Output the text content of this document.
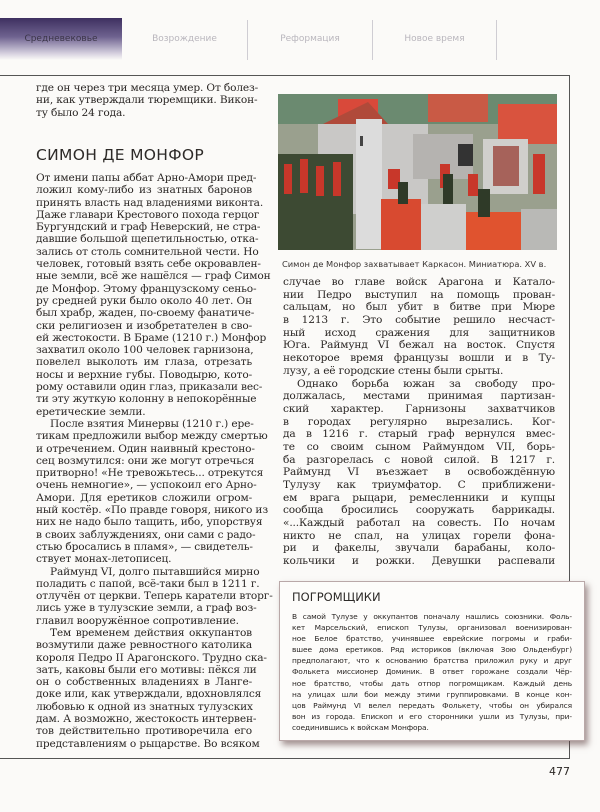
Средневековье	Возрождение	Реформация	Новое время
где он через три месяца умер. От болез-
ни, как утверждали тюремщики. Викон-
ту было 24 года.
СИМОН ДЕ МОНФОР
От имени папы аббат Арно-Амори пред-
ложил кому-либо из знатных баронов
принять власть над владениями виконта.
Даже главари Крестового похода герцог
Бургундский и граф Неверский, не стра-
давшие большой щепетильностью, отка-
зались от столь сомнительной чести. Но
человек, готовый взять себе окровавлен-
ные земли, всё же нашёлся — граф Симон
де Монфор. Этому французскому сеньо-
ру средней руки было около 40 лет. Он
был храбр, жаден, по-своему фанатиче-
ски религиозен и изобретателен в сво-
ей жестокости. В Браме (1210 г.) Монфор
захватил около 100 человек гарнизона,
повелел выколоть им глаза, отрезать
носы и верхние губы. Поводырю, кото-
рому оставили один глаз, приказали вес-
ти эту жуткую колонну в непокорённые
еретические земли.
После взятия Минервы (1210 г.) ере-
тикам предложили выбор между смертью
и отречением. Один наивный крестоно-
сец возмутился: они же могут отречься
притворно! «Не тревожьтесь... отрекутся
очень немногие», — успокоил его Арно-
Амори. Для еретиков сложили огром-
ный костёр. «По правде говоря, никого из
них не надо было тащить, ибо, упорствуя
в своих заблуждениях, они сами с радо-
стью бросались в пламя», — свидетель-
ствует монах-летописец.
Раймунд VI, долго пытавшийся мирно
поладить с папой, всё-таки был в 1211 г.
отлучён от церкви. Теперь каратели вторг-
лись уже в тулузские земли, а граф воз-
главил вооружённое сопротивление.
Тем временем действия оккупантов
возмутили даже ревностного католика
короля Педро II Арагонского. Трудно ска-
зать, каковы были его мотивы: пёкся ли
он о собственных владениях в Ланге-
доке или, как утверждали, вдохновлялся
любовью к одной из знатных тулузских
дам. А возможно, жестокость интервен-
тов действительно противоречила его
представлениям о рыцарстве. Во всяком
Симон де Монфор захватывает Каркасон. Миниатюра. XV в.
случае во главе войск Арагона и Катало-
нии Педро выступил на помощь прован-
сальцам, но был убит в битве при Мюре
в 1213 г. Это событие решило несчаст-
ный исход сражения для защитников
Юга. Раймунд VI бежал на восток. Спустя
некоторое время французы вошли и в Ту-
лузу, а её городские стены были срыты.
Однако борьба южан за свободу про-
должалась, местами принимая партизан-
ский характер. Гарнизоны захватчиков
в городах регулярно вырезались. Ког-
да в 1216 г. старый граф вернулся вмес-
те со своим сыном Раймундом VII, борь-
ба разгорелась с новой силой. В 1217 г.
Раймунд VI въезжает в освобождённую
Тулузу как триумфатор. С приближени-
ем врага рыцари, ремесленники и купцы
сообща бросились сооружать баррикады.
«...Каждый работал на совесть. По ночам
никто не спал, на улицах горели фона-
ри и факелы, звучали барабаны, коло-
кольчики и рожки. Девушки распевали
ПОГРОМЩИКИ
В самой Тулузе у оккупантов поначалу нашлись союзники. Фоль-
кет Марсельский, епископ Тулузы, организовал военизирован-
ное Белое братство, учинявшее еврейские погромы и граби-
вшее дома еретиков. Ряд историков (включая Зою Ольденбург)
предполагают, что к основанию братства приложил руку и друг
Фолькета миссионер Доминик. В ответ горожане создали Чёр-
ное братство, чтобы дать отпор погромщикам. Каждый день
на улицах шли бои между этими группировками. В конце кон-
цов Раймунд VI велел передать Фолькету, чтобы он убирался
вон из города. Епископ и его сторонники ушли из Тулузы, при-
соединившись к войскам Монфора.
477
